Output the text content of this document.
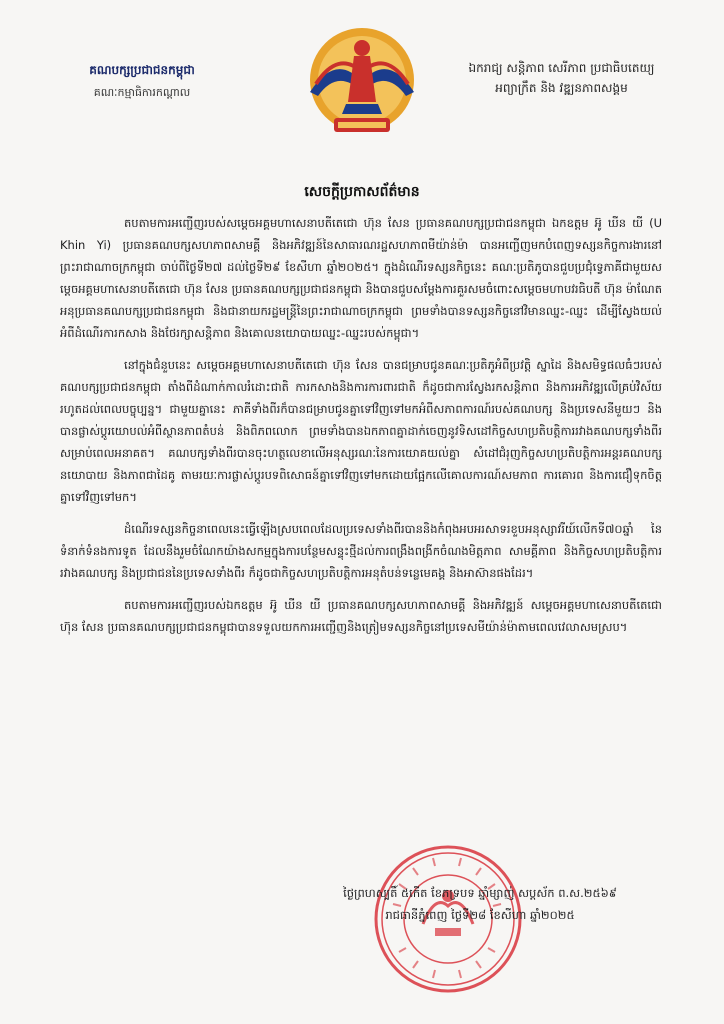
គណបក្សប្រជាជនកម្ពុជា
គណៈកម្មាធិការកណ្តាល
ឯករាជ្យ សន្តិភាព សេរីភាព ប្រជាធិបតេយ្យ
អព្យាក្រឹត និង វឌ្ឍនភាពសង្គម
សេចក្តីប្រកាសព័ត៌មាន

តបតាមការអញ្ជើញរបស់សម្តេចអគ្គមហាសេនាបតីតេជោ ហ៊ុន សែន ប្រធានគណបក្សប្រជាជនកម្ពុជា ឯកឧត្តម អ៊ូ ឃីន យី (U Khin Yi) ប្រធានគណបក្សសហភាពសាមគ្គី និងអភិវឌ្ឍន៍នៃសាធារណរដ្ឋសហភាពមីយ៉ាន់ម៉ា បានអញ្ជើញមកបំពេញទស្សនកិច្ចការងារនៅព្រះរាជាណាចក្រកម្ពុជា ចាប់ពីថ្ងៃទី២៧ ដល់ថ្ងៃទី២៩ ខែសីហា ឆ្នាំ២០២៥។ ក្នុងដំណើរទស្សនកិច្ចនេះ គណៈប្រតិភូបានជួបប្រជុំទ្វេភាគីជាមួយសម្តេចអគ្គមហាសេនាបតីតេជោ ហ៊ុន សែន ប្រធានគណបក្សប្រជាជនកម្ពុជា និងបានជួបសម្តែងការគួរសមចំពោះសម្តេចមហាបវរធិបតី ហ៊ុន ម៉ាណែត អនុប្រធានគណបក្សប្រជាជនកម្ពុជា និងជានាយករដ្ឋមន្ត្រីនៃព្រះរាជាណាចក្រកម្ពុជា ព្រមទាំងបានទស្សនកិច្ចនៅវិមានឈ្នះ-ឈ្នះ ដើម្បីស្វែងយល់អំពីដំណើរការកសាង និងថែរក្សាសន្តិភាព និងគោលនយោបាយឈ្នះ-ឈ្នះរបស់កម្ពុជា។

នៅក្នុងជំនួបនេះ សម្តេចអគ្គមហាសេនាបតីតេជោ ហ៊ុន សែន បានជម្រាបជូនគណៈប្រតិភូអំពីប្រវត្តិ ស្នាដៃ និងសមិទ្ធផលធំៗរបស់គណបក្សប្រជាជនកម្ពុជា តាំងពីដំណាក់កាលរំដោះជាតិ ការកសាងនិងការការពារជាតិ ក៏ដូចជាការស្វែងរកសន្តិភាព និងការអភិវឌ្ឍលើគ្រប់វិស័យរហូតដល់ពេលបច្ចុប្បន្ន។ ជាមួយគ្នានេះ ភាគីទាំងពីរក៏បានជម្រាបជូនគ្នាទៅវិញទៅមកអំពីសភាពការណ៍របស់គណបក្ស និងប្រទេសនីមួយៗ និងបានផ្លាស់ប្តូរយោបល់អំពីស្ថានភាពតំបន់ និងពិភពលោក ព្រមទាំងបានឯកភាពគ្នាដាក់ចេញនូវទិសដៅកិច្ចសហប្រតិបត្តិការរវាងគណបក្សទាំងពីរសម្រាប់ពេលអនាគត។ គណបក្សទាំងពីរបានចុះហត្ថលេខាលើអនុស្សរណៈនៃការយោគយល់គ្នា សំដៅជំរុញកិច្ចសហប្រតិបត្តិការអន្តរគណបក្សនយោបាយ និងភាពជាដៃគូ តាមរយៈការផ្លាស់ប្តូរបទពិសោធន៍គ្នាទៅវិញទៅមកដោយផ្អែកលើគោលការណ៍សមភាព ការគោរព និងការជឿទុកចិត្តគ្នាទៅវិញទៅមក។

ដំណើរទស្សនកិច្ចនាពេលនេះធ្វើឡើងស្របពេលដែលប្រទេសទាំងពីរបាននិងកំពុងអបអរសាទរខួបអនុស្សាវរីយ៍លើកទី៧០ឆ្នាំ នៃទំនាក់ទំនងការទូត ដែលនឹងរួមចំណែកយ៉ាងសកម្មក្នុងការបន្ថែមសន្ទុះថ្មីដល់ការពង្រឹងពង្រីកចំណងមិត្តភាព សាមគ្គីភាព និងកិច្ចសហប្រតិបត្តិការរវាងគណបក្ស និងប្រជាជននៃប្រទេសទាំងពីរ ក៏ដូចជាកិច្ចសហប្រតិបត្តិការអនុតំបន់ទន្លេមេគង្គ និងអាស៊ានផងដែរ។

តបតាមការអញ្ជើញរបស់ឯកឧត្តម អ៊ូ ឃីន យី ប្រធានគណបក្សសហភាពសាមគ្គី និងអភិវឌ្ឍន៍ សម្តេចអគ្គមហាសេនាបតីតេជោ ហ៊ុន សែន ប្រធានគណបក្សប្រជាជនកម្ពុជាបានទទួលយកការអញ្ជើញនិងត្រៀមទស្សនកិច្ចនៅប្រទេសមីយ៉ាន់ម៉ាតាមពេលវេលាសមស្រប។

ថ្ងៃព្រហស្បតិ៍ ៥កើត ខែភទ្របទ ឆ្នាំម្សាញ់ សប្តស័ក ព.ស.២៥៦៩
រាជធានីភ្នំពេញ ថ្ងៃទី២៨ ខែសីហា ឆ្នាំ២០២៥
